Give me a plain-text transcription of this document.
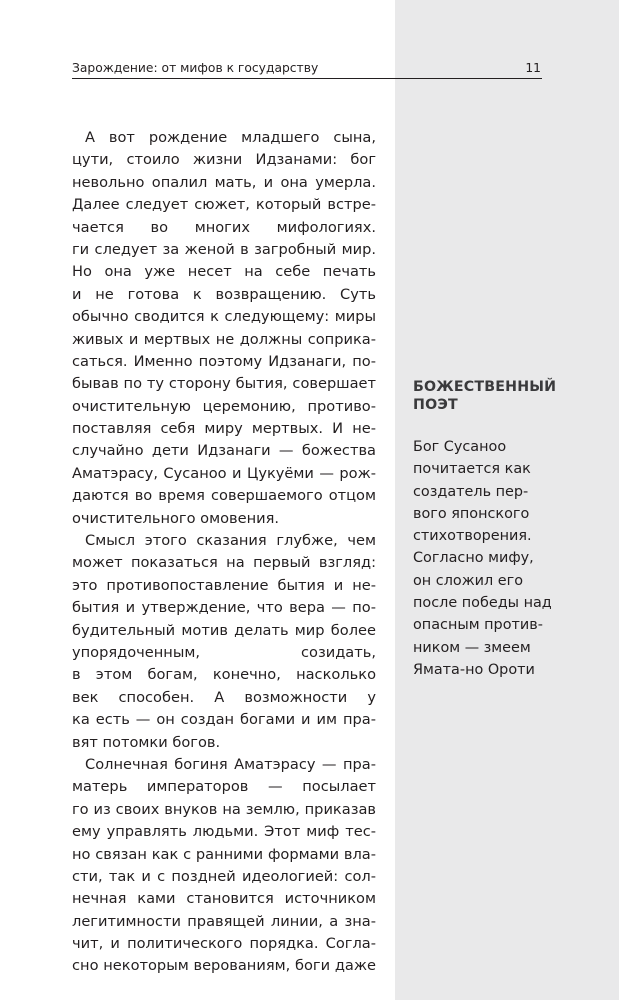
Зарождение: от мифов к государству	11
А вот рождение младшего сына,
цути, стоило жизни Идзанами: бог
невольно опалил мать, и она умерла.
Далее следует сюжет, который встре-
чается во многих мифологиях.
ги следует за женой в загробный мир.
Но она уже несет на себе печать
и не готова к возвращению. Суть
обычно сводится к следующему: миры
живых и мертвых не должны соприка-
саться. Именно поэтому Идзанаги, по-
бывав по ту сторону бытия, совершает
очистительную церемонию, противо-
поставляя себя миру мертвых. И не-
случайно дети Идзанаги — божества
Аматэрасу, Сусаноо и Цукуёми — рож-
даются во время совершаемого отцом
очистительного омовения.
Смысл этого сказания глубже, чем
может показаться на первый взгляд:
это противопоставление бытия и не-
бытия и утверждение, что вера — по-
будительный мотив делать мир более
упорядоченным, созидать,
в этом богам, конечно, насколько
век способен. А возможности у
ка есть — он создан богами и им пра-
вят потомки богов.
Солнечная богиня Аматэрасу — пра-
матерь императоров — посылает
го из своих внуков на землю, приказав
ему управлять людьми. Этот миф тес-
но связан как с ранними формами вла-
сти, так и с поздней идеологией: сол-
нечная ками становится источником
легитимности правящей линии, а зна-
чит, и политического порядка. Согла-
сно некоторым верованиям, боги даже
БОЖЕСТВЕННЫЙ
ПОЭТ
Бог Сусаноо
почитается как
создатель пер-
вого японского
стихотворения.
Согласно мифу,
он сложил его
после победы над
опасным против-
ником — змеем
Ямата-но Ороти
